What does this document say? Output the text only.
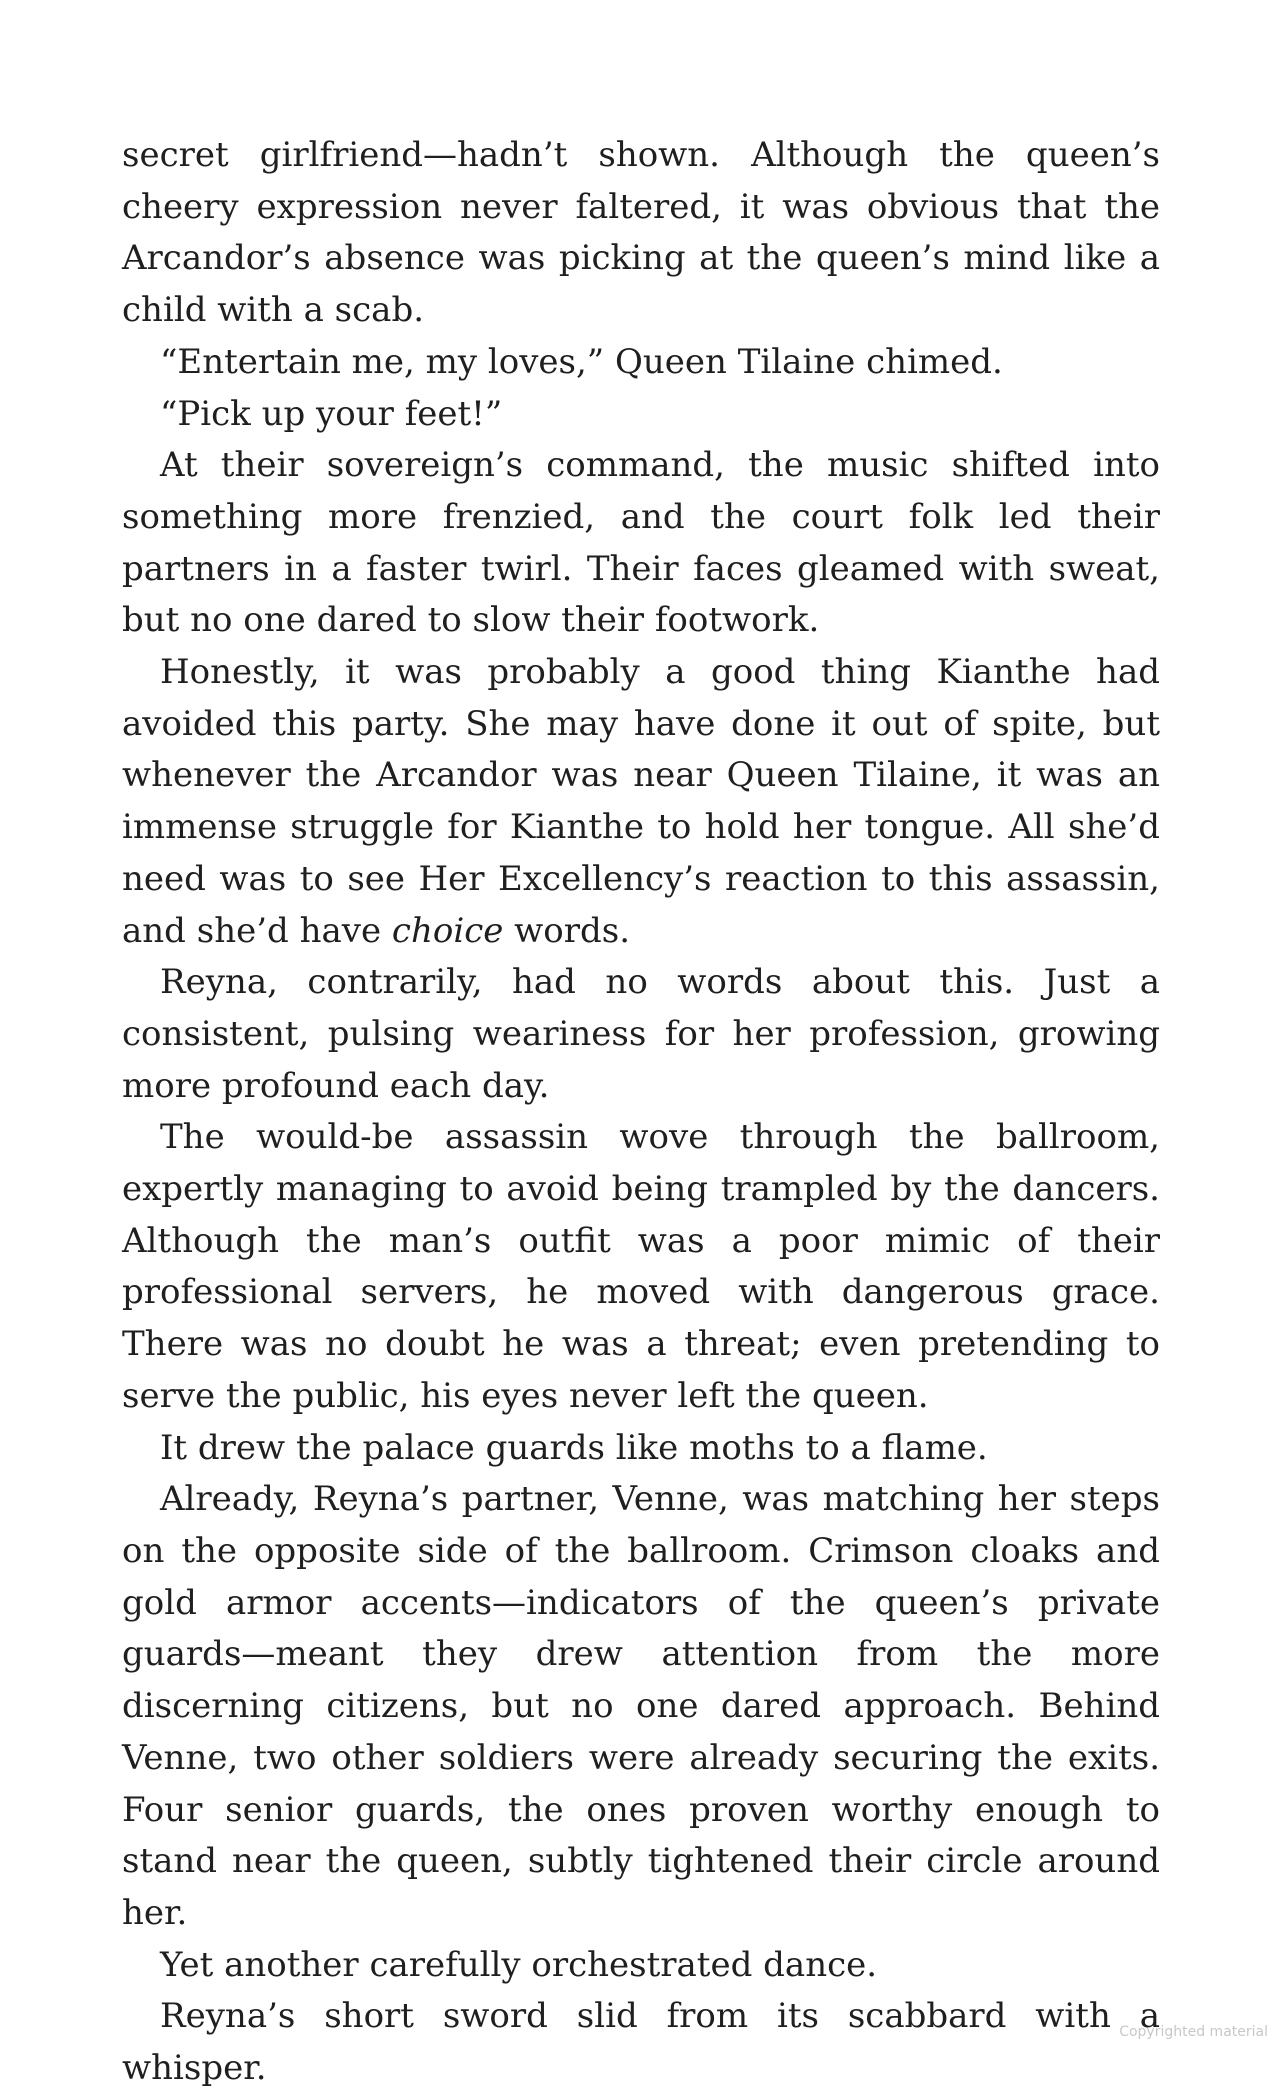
secret girlfriend—hadn’t shown. Although the queen’s cheery expression never faltered, it was obvious that the Arcandor’s absence was picking at the queen’s mind like a child with a scab.

“Entertain me, my loves,” Queen Tilaine chimed.

“Pick up your feet!”

At their sovereign’s command, the music shifted into something more frenzied, and the court folk led their partners in a faster twirl. Their faces gleamed with sweat, but no one dared to slow their footwork.

Honestly, it was probably a good thing Kianthe had avoided this party. She may have done it out of spite, but whenever the Arcandor was near Queen Tilaine, it was an immense struggle for Kianthe to hold her tongue. All she’d need was to see Her Excellency’s reaction to this assassin, and she’d have choice words.

Reyna, contrarily, had no words about this. Just a consistent, pulsing weariness for her profession, growing more profound each day.

The would-be assassin wove through the ballroom, expertly managing to avoid being trampled by the dancers. Although the man’s outfit was a poor mimic of their professional servers, he moved with dangerous grace. There was no doubt he was a threat; even pretending to serve the public, his eyes never left the queen.

It drew the palace guards like moths to a flame.

Already, Reyna’s partner, Venne, was matching her steps on the opposite side of the ballroom. Crimson cloaks and gold armor accents—indicators of the queen’s private guards—meant they drew attention from the more discerning citizens, but no one dared approach. Behind Venne, two other soldiers were already securing the exits. Four senior guards, the ones proven worthy enough to stand near the queen, subtly tightened their circle around her.

Yet another carefully orchestrated dance.

Reyna’s short sword slid from its scabbard with a whisper.

Copyrighted material
